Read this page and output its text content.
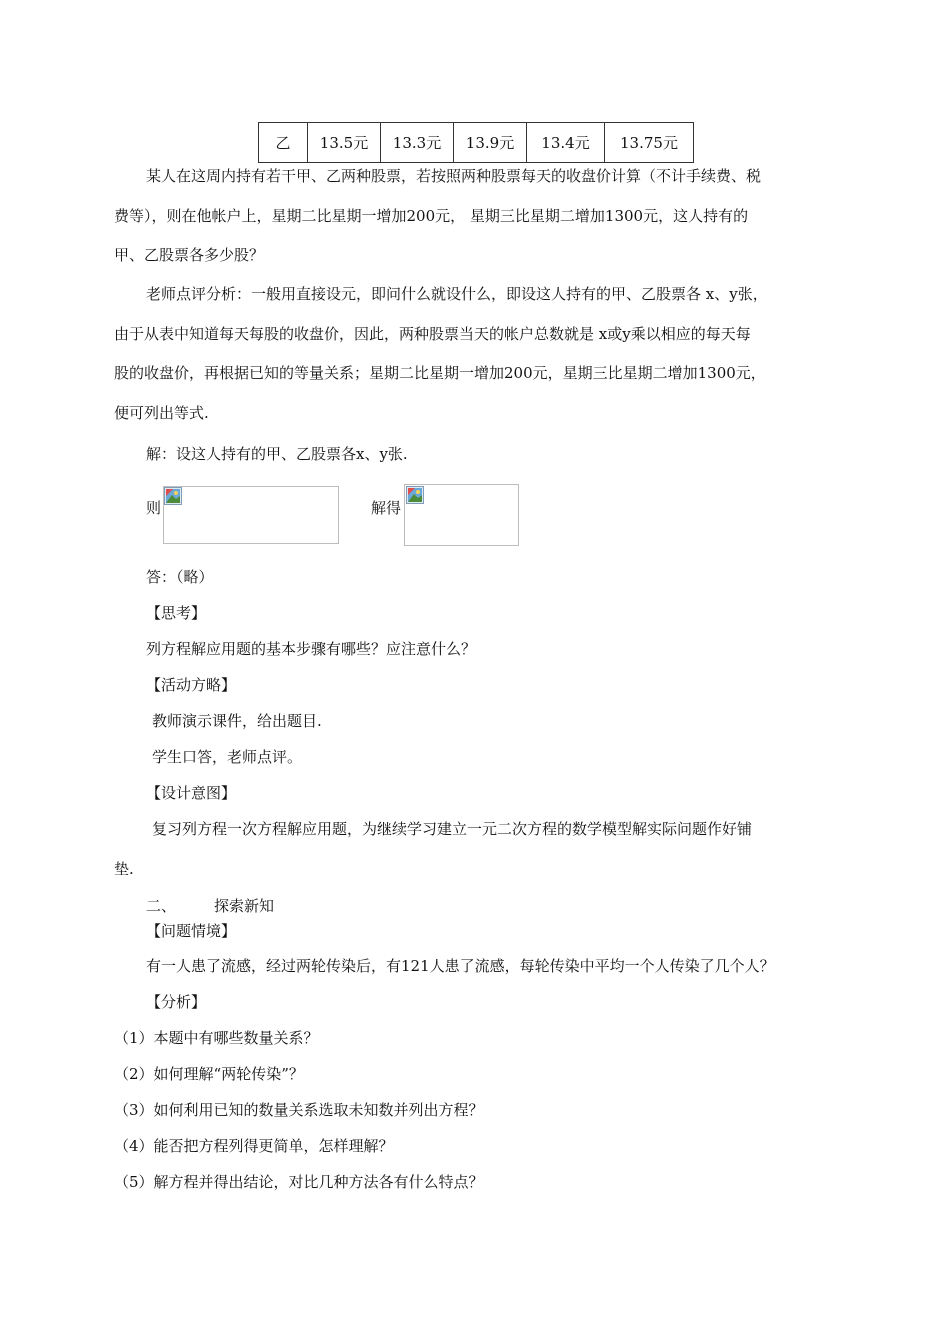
乙	13.5元	13.3元	13.9元	13.4元	13.75元
某人在这周内持有若干甲、乙两种股票，若按照两种股票每天的收盘价计算（不计手续费、税
费等），则在他帐户上，星期二比星期一增加200元， 星期三比星期二增加1300元，这人持有的
甲、乙股票各多少股？
老师点评分析：一般用直接设元，即问什么就设什么，即设这人持有的甲、乙股票各 x、y张，
由于从表中知道每天每股的收盘价，因此，两种股票当天的帐户总数就是 x或y乘以相应的每天每
股的收盘价，再根据已知的等量关系；星期二比星期一增加200元，星期三比星期二增加1300元，
便可列出等式.
解：设这人持有的甲、乙股票各x、y张.
则	解得
答：（略）
【思考】
列方程解应用题的基本步骤有哪些？应注意什么？
【活动方略】
教师演示课件，给出题目.
学生口答，老师点评。
【设计意图】
复习列方程一次方程解应用题，为继续学习建立一元二次方程的数学模型解实际问题作好铺
垫.
二、	探索新知
【问题情境】
有一人患了流感，经过两轮传染后，有121人患了流感，每轮传染中平均一个人传染了几个人？
【分析】
（1）本题中有哪些数量关系？
（2）如何理解“两轮传染”？
（3）如何利用已知的数量关系选取未知数并列出方程？
（4）能否把方程列得更简单，怎样理解？
（5）解方程并得出结论，对比几种方法各有什么特点？
